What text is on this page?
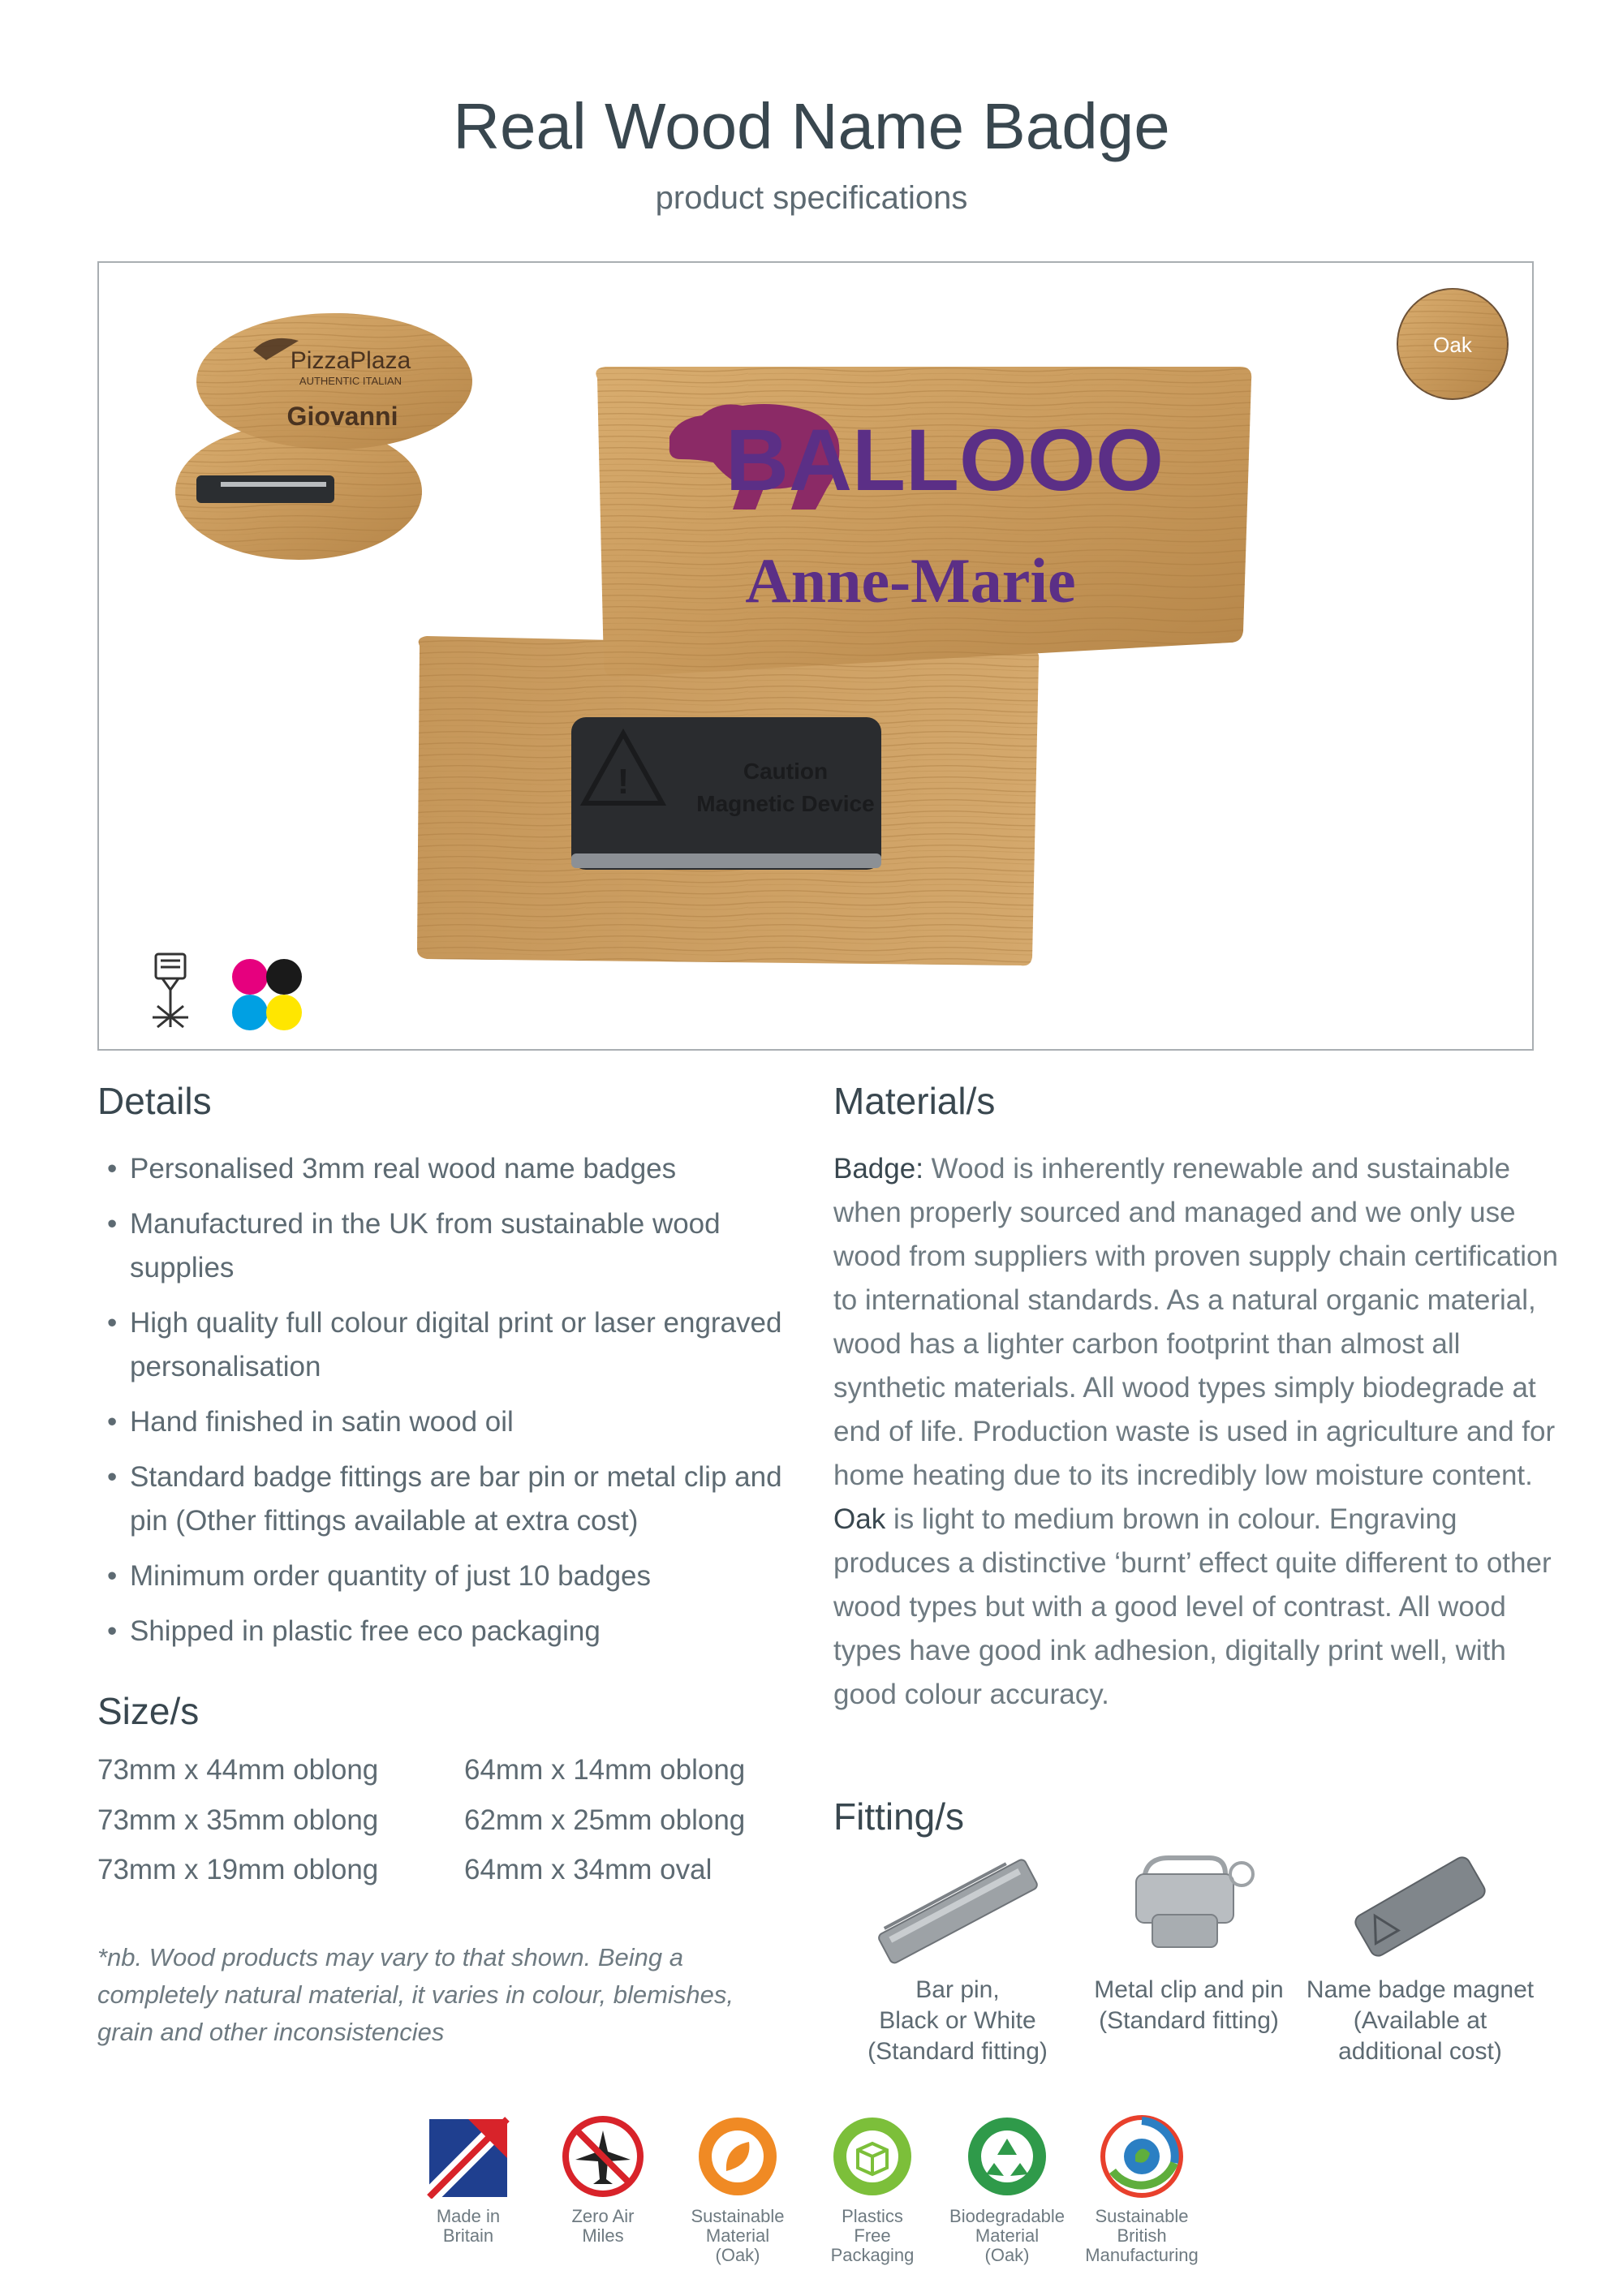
Real Wood Name Badge
product specifications
PizzaPlaza
AUTHENTIC ITALIAN
Giovanni
!	Caution
Magnetic Device
BALLOOO
Anne-Marie
Oak
Details
• Personalised 3mm real wood name badges
• Manufactured in the UK from sustainable wood supplies
• High quality full colour digital print or laser engraved personalisation
• Hand finished in satin wood oil
• Standard badge fittings are bar pin or metal clip and pin (Other fittings available at extra cost)
• Minimum order quantity of just 10 badges
• Shipped in plastic free eco packaging
Size/s
73mm x 44mm oblong
73mm x 35mm oblong
73mm x 19mm oblong
64mm x 14mm oblong
62mm x 25mm oblong
64mm x 34mm oval
*nb. Wood products may vary to that shown. Being a completely natural material, it varies in colour, blemishes, grain and other inconsistencies
Material/s
Badge: Wood is inherently renewable and sustainable when properly sourced and managed and we only use wood from suppliers with proven supply chain certification to international standards. As a natural organic material, wood has a lighter carbon footprint than almost all synthetic materials. All wood types simply biodegrade at end of life. Production waste is used in agriculture and for home heating due to its incredibly low moisture content.
Oak is light to medium brown in colour. Engraving produces a distinctive ‘burnt’ effect quite different to other wood types but with a good level of contrast. All wood types have good ink adhesion, digitally print well, with good colour accuracy.
Fitting/s
Bar pin,
Black or White
(Standard fitting)
Metal clip and pin
(Standard fitting)
Name badge magnet
(Available at
additional cost)
Made in
Britain
Zero Air
Miles
Sustainable
Material
(Oak)
Plastics
Free
Packaging
Biodegradable
Material
(Oak)
Sustainable
British
Manufacturing
